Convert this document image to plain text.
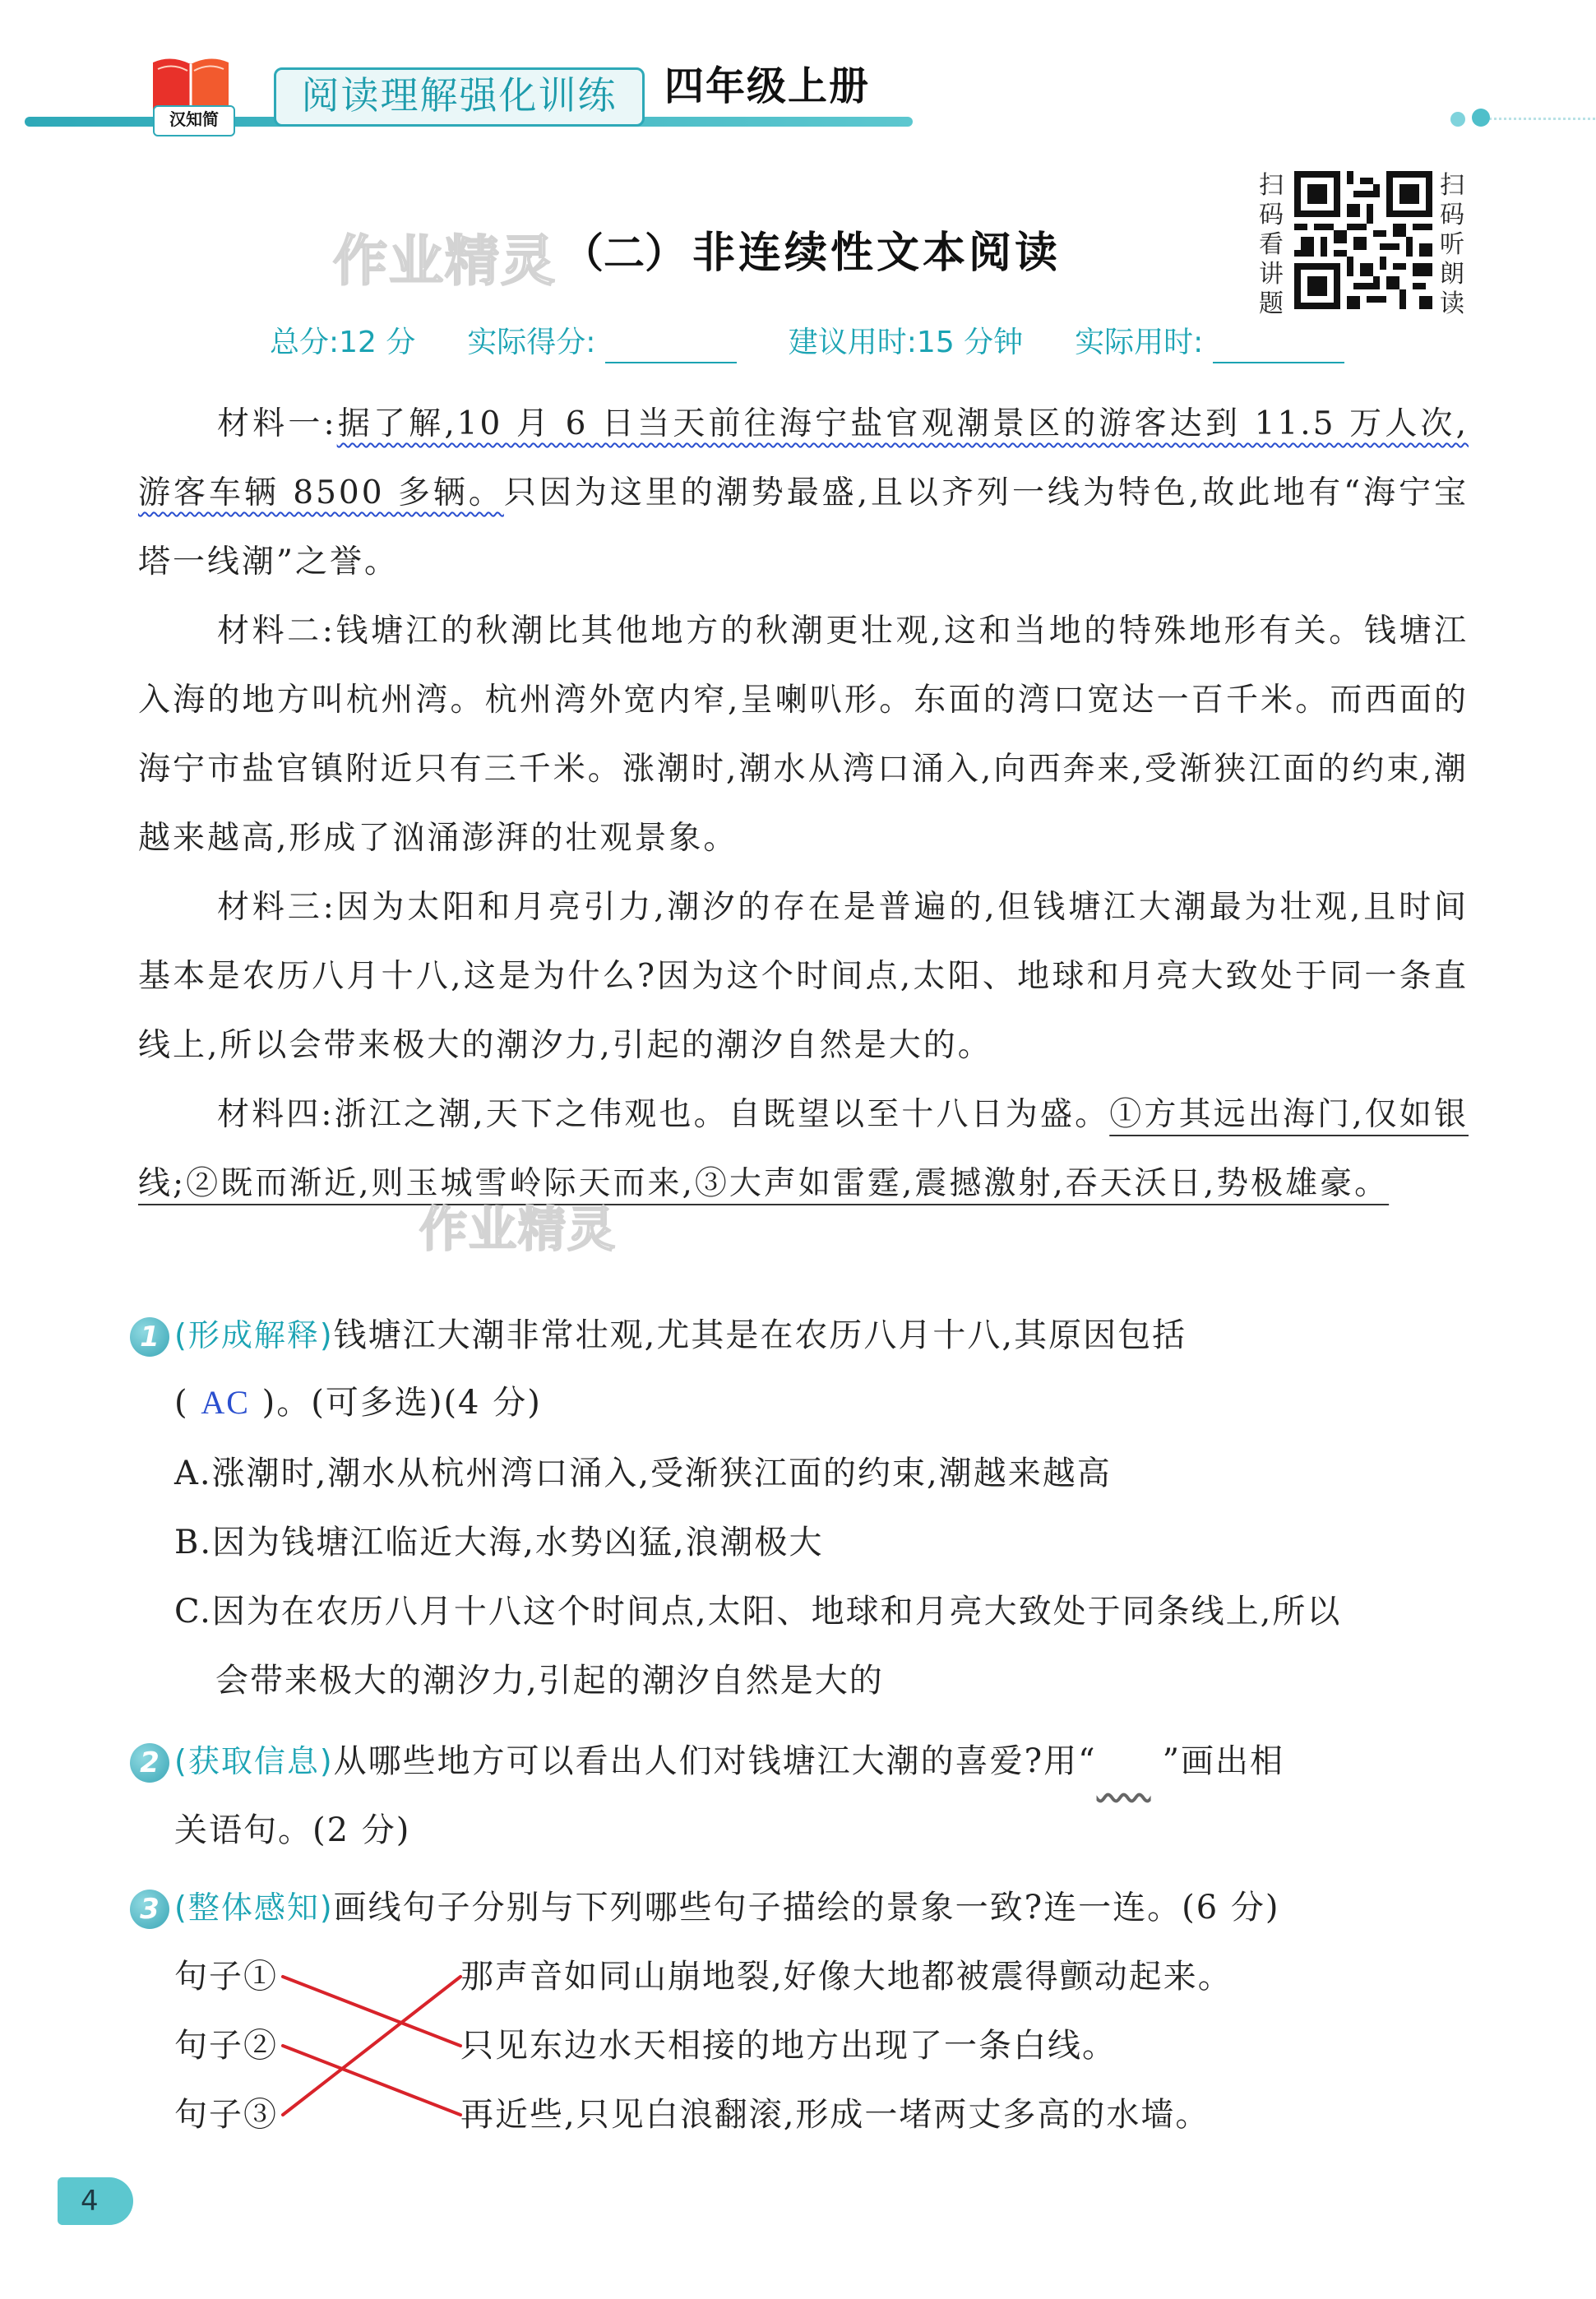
汉知简
阅读理解强化训练	四年级上册
作业精灵 （二） 非连续性文本阅读
扫码看讲题
扫码听朗读
总分:12 分 实际得分:	建议用时:15 分钟 实际用时:
材料一:据了解,10 月 6 日当天前往海宁盐官观潮景区的游客达到 11.5 万人次,游客车辆 8500 多辆。只因为这里的潮势最盛,且以齐列一线为特色,故此地有“海宁宝塔一线潮”之誉。
材料二:钱塘江的秋潮比其他地方的秋潮更壮观,这和当地的特殊地形有关。钱塘江入海的地方叫杭州湾。杭州湾外宽内窄,呈喇叭形。东面的湾口宽达一百千米。而西面的海宁市盐官镇附近只有三千米。涨潮时,潮水从湾口涌入,向西奔来,受渐狭江面的约束,潮越来越高,形成了汹涌澎湃的壮观景象。
材料三:因为太阳和月亮引力,潮汐的存在是普遍的,但钱塘江大潮最为壮观,且时间基本是农历八月十八,这是为什么?因为这个时间点,太阳、地球和月亮大致处于同一条直线上,所以会带来极大的潮汐力,引起的潮汐自然是大的。
材料四:浙江之潮,天下之伟观也。自既望以至十八日为盛。①方其远出海门,仅如银线;②既而渐近,则玉城雪岭际天而来,③大声如雷霆,震撼激射,吞天沃日,势极雄豪。
作业精灵
1 (形成解释)钱塘江大潮非常壮观,尤其是在农历八月十八,其原因包括
( AC )。(可多选)(4 分)
A.涨潮时,潮水从杭州湾口涌入,受渐狭江面的约束,潮越来越高
B.因为钱塘江临近大海,水势凶猛,浪潮极大
C.因为在农历八月十八这个时间点,太阳、地球和月亮大致处于同条线上,所以
会带来极大的潮汐力,引起的潮汐自然是大的
2 (获取信息)从哪些地方可以看出人们对钱塘江大潮的喜爱?用“    ”画出相
关语句。(2 分)
3 (整体感知)画线句子分别与下列哪些句子描绘的景象一致?连一连。(6 分)
句子①
句子②
句子③
那声音如同山崩地裂,好像大地都被震得颤动起来。
只见东边水天相接的地方出现了一条白线。
再近些,只见白浪翻滚,形成一堵两丈多高的水墙。
4
